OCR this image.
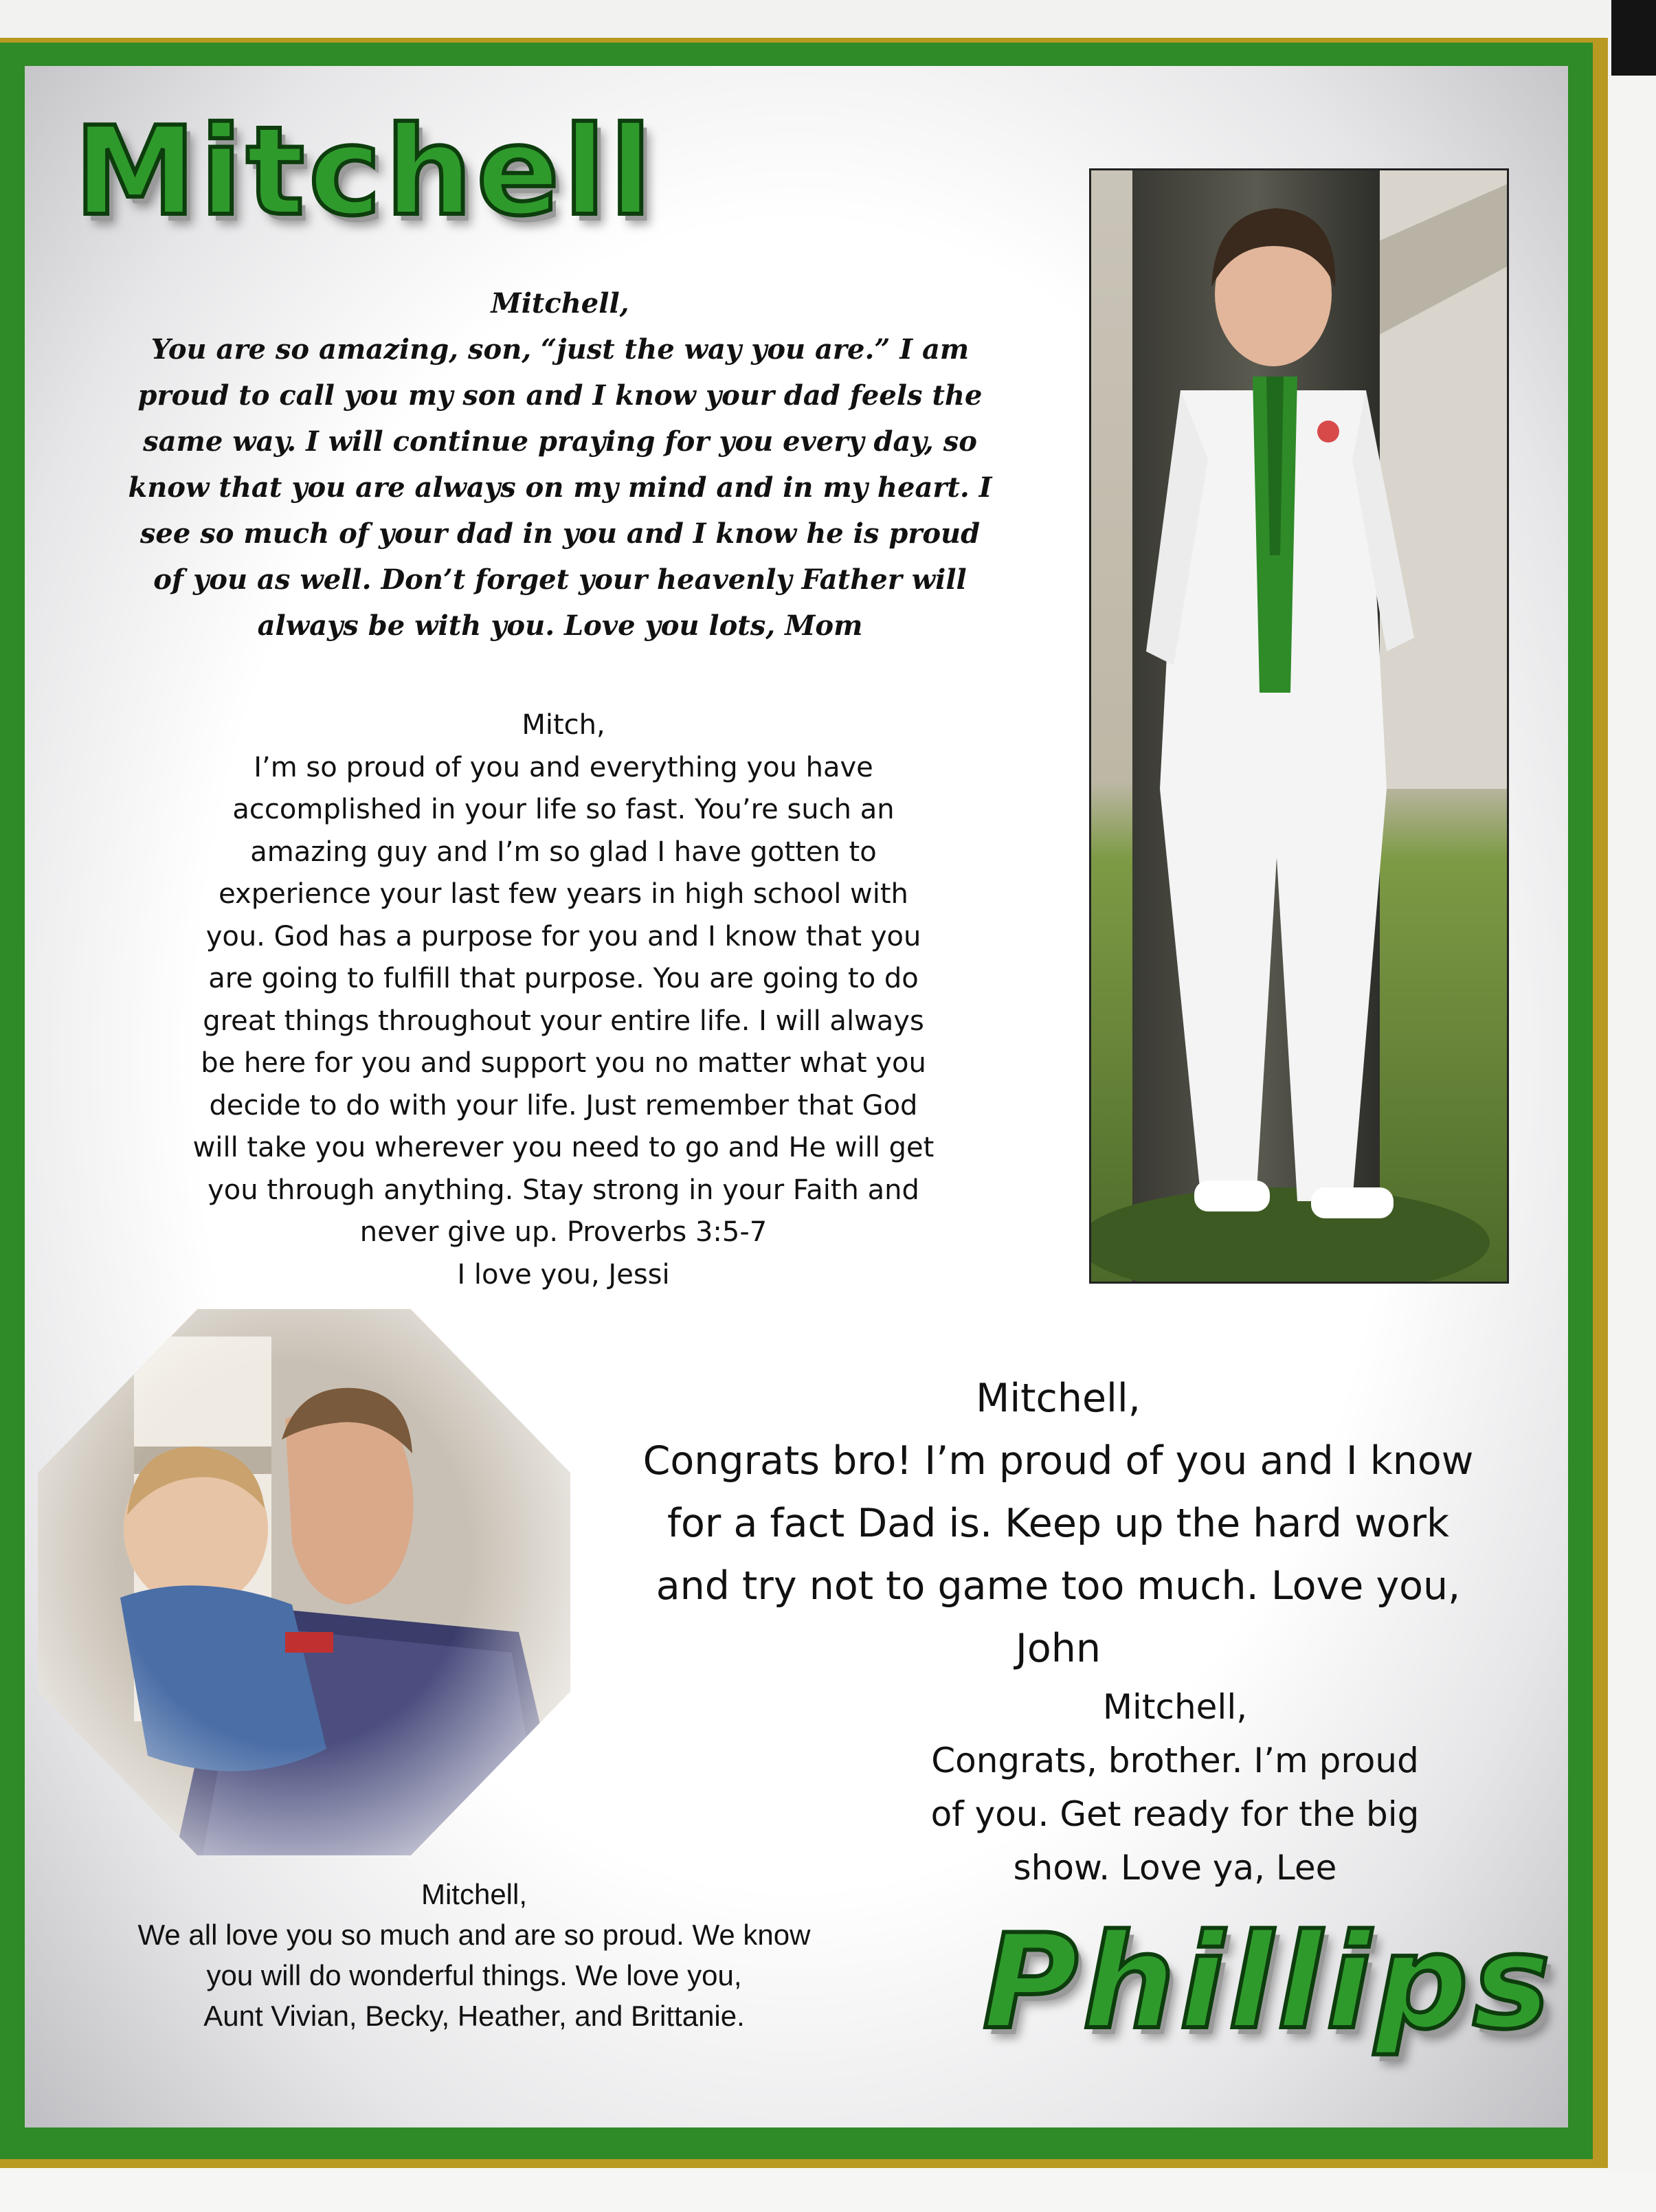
Mitchell
Mitchell,
You are so amazing, son, “just the way you are.” I am
proud to call you my son and I know your dad feels the
same way. I will continue praying for you every day, so
know that you are always on my mind and in my heart. I
see so much of your dad in you and I know he is proud
of you as well. Don’t forget your heavenly Father will
always be with you. Love you lots, Mom
Mitch,
I’m so proud of you and everything you have
accomplished in your life so fast. You’re such an
amazing guy and I’m so glad I have gotten to
experience your last few years in high school with
you. God has a purpose for you and I know that you
are going to fulfill that purpose. You are going to do
great things throughout your entire life. I will always
be here for you and support you no matter what you
decide to do with your life. Just remember that God
will take you wherever you need to go and He will get
you through anything. Stay strong in your Faith and
never give up. Proverbs 3:5-7
I love you, Jessi
Mitchell,
Congrats bro! I’m proud of you and I know
for a fact Dad is. Keep up the hard work
and try not to game too much. Love you,
John
Mitchell,
Congrats, brother. I’m proud
of you. Get ready for the big
show. Love ya, Lee
Mitchell,
We all love you so much and are so proud. We know
you will do wonderful things. We love you,
Aunt Vivian, Becky, Heather, and Brittanie.	Phillips
